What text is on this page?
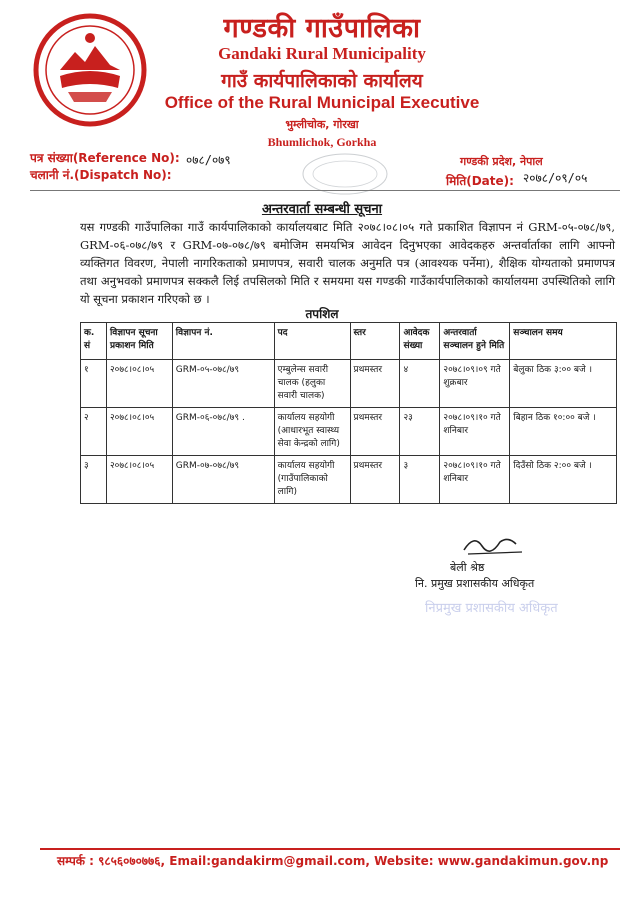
गण्डकी गाउँपालिका
Gandaki Rural Municipality
गाउँ कार्यपालिकाको कार्यालय
Office of the Rural Municipal Executive
भुम्लीचोक, गोरखा
Bhumlichok, Gorkha
पत्र संख्या(Reference No): ०७८/०७९
चलानी नं.(Dispatch No):
गण्डकी प्रदेश, नेपाल
मिति(Date): २०७८/०९/०५
अन्तरवार्ता सम्बन्धी सूचना
यस गण्डकी गाउँपालिका गाउँ कार्यपालिकाको कार्यालयबाट मिति २०७८।०८।०५ गते प्रकाशित विज्ञापन नं GRM-०५-०७८/७९, GRM-०६-०७८/७९ र GRM-०७-०७८/७९ बमोजिम समयभित्र आवेदन दिनुभएका आवेदकहरु अन्तर्वार्ताका लागि आफ्नो व्यक्तिगत विवरण, नेपाली नागरिकताको प्रमाणपत्र, सवारी चालक अनुमति पत्र (आवश्यक पर्नेमा), शैक्षिक योग्यताको प्रमाणपत्र तथा अनुभवको प्रमाणपत्र सक्कलै लिई तपसिलको मिति र समयमा यस गण्डकी गाउँकार्यपालिकाको कार्यालयमा उपस्थितिको लागि यो सूचना प्रकाशन गरिएको छ ।
तपशिल
क. सं	विज्ञापन सूचना प्रकाशन मिति	विज्ञापन नं.	पद	स्तर	आवेदक संख्या	अन्तरवार्ता सञ्चालन हुने मिति	सञ्चालन समय
१	२०७८।०८।०५	GRM-०५-०७८/७९	एम्बुलेन्स सवारी चालक (हलुका सवारी चालक)	प्रथमस्तर	४	२०७८।०९।०९ गते शुक्रबार	बेलुका ठिक ३:०० बजे ।
२	२०७८।०८।०५	GRM-०६-०७८/७९ .	कार्यालय सहयोगी (आधारभूत स्वास्थ्य सेवा केन्द्रको लागि)	प्रथमस्तर	२३	२०७८।०९।१० गते शनिबार	बिहान ठिक १०:०० बजे ।
३	२०७८।०८।०५	GRM-०७-०७८/७९	कार्यालय सहयोगी (गाउँपालिकाको लागि)	प्रथमस्तर	३	२०७८।०९।१० गते शनिबार	दिउँसो ठिक २:०० बजे ।
बेली श्रेष्ठ
नि. प्रमुख प्रशासकीय अधिकृत
निप्रमुख प्रशासकीय अधिकृत
सम्पर्क : ९८५६०७०७७६, Email:gandakirm@gmail.com, Website: www.gandakimun.gov.np
